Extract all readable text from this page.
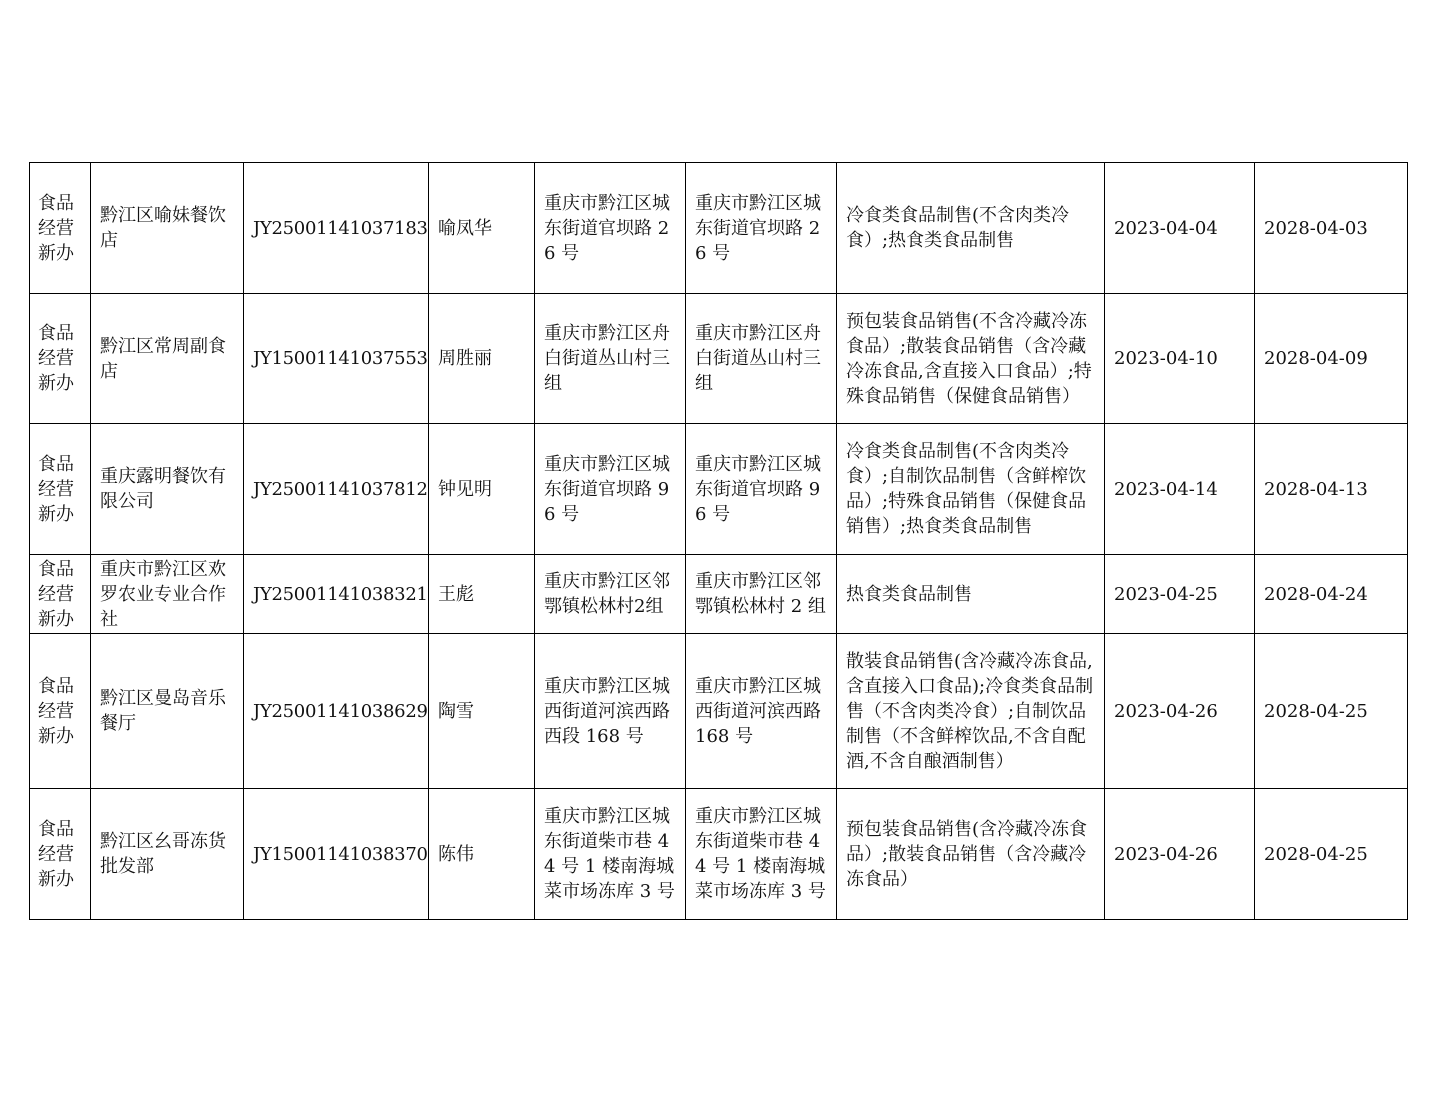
食品经营新办	黔江区喻妹餐饮店	JY25001141037183	喻凤华	重庆市黔江区城东街道官坝路 26 号	重庆市黔江区城东街道官坝路 26 号	冷食类食品制售(不含肉类冷食）;热食类食品制售	2023-04-04	2028-04-03
食品经营新办	黔江区常周副食店	JY15001141037553	周胜丽	重庆市黔江区舟白街道丛山村三组	重庆市黔江区舟白街道丛山村三组	预包装食品销售(不含冷藏冷冻食品）;散装食品销售（含冷藏冷冻食品,含直接入口食品）;特殊食品销售（保健食品销售）	2023-04-10	2028-04-09
食品经营新办	重庆露明餐饮有限公司	JY25001141037812	钟见明	重庆市黔江区城东街道官坝路 96 号	重庆市黔江区城东街道官坝路 96 号	冷食类食品制售(不含肉类冷食）;自制饮品制售（含鲜榨饮品）;特殊食品销售（保健食品销售）;热食类食品制售	2023-04-14	2028-04-13
食品经营新办	重庆市黔江区欢罗农业专业合作社	JY25001141038321	王彪	重庆市黔江区邻鄂镇松林村2组	重庆市黔江区邻鄂镇松林村 2 组	热食类食品制售	2023-04-25	2028-04-24
食品经营新办	黔江区曼岛音乐餐厅	JY25001141038629	陶雪	重庆市黔江区城西街道河滨西路西段 168 号	重庆市黔江区城西街道河滨西路 168 号	散装食品销售(含冷藏冷冻食品,含直接入口食品);冷食类食品制售（不含肉类冷食）;自制饮品制售（不含鲜榨饮品,不含自配酒,不含自酿酒制售）	2023-04-26	2028-04-25
食品经营新办	黔江区幺哥冻货批发部	JY15001141038370	陈伟	重庆市黔江区城东街道柴市巷 44 号 1 楼南海城菜市场冻库 3 号	重庆市黔江区城东街道柴市巷 44 号 1 楼南海城菜市场冻库 3 号	预包装食品销售(含冷藏冷冻食品）;散装食品销售（含冷藏冷冻食品）	2023-04-26	2028-04-25
